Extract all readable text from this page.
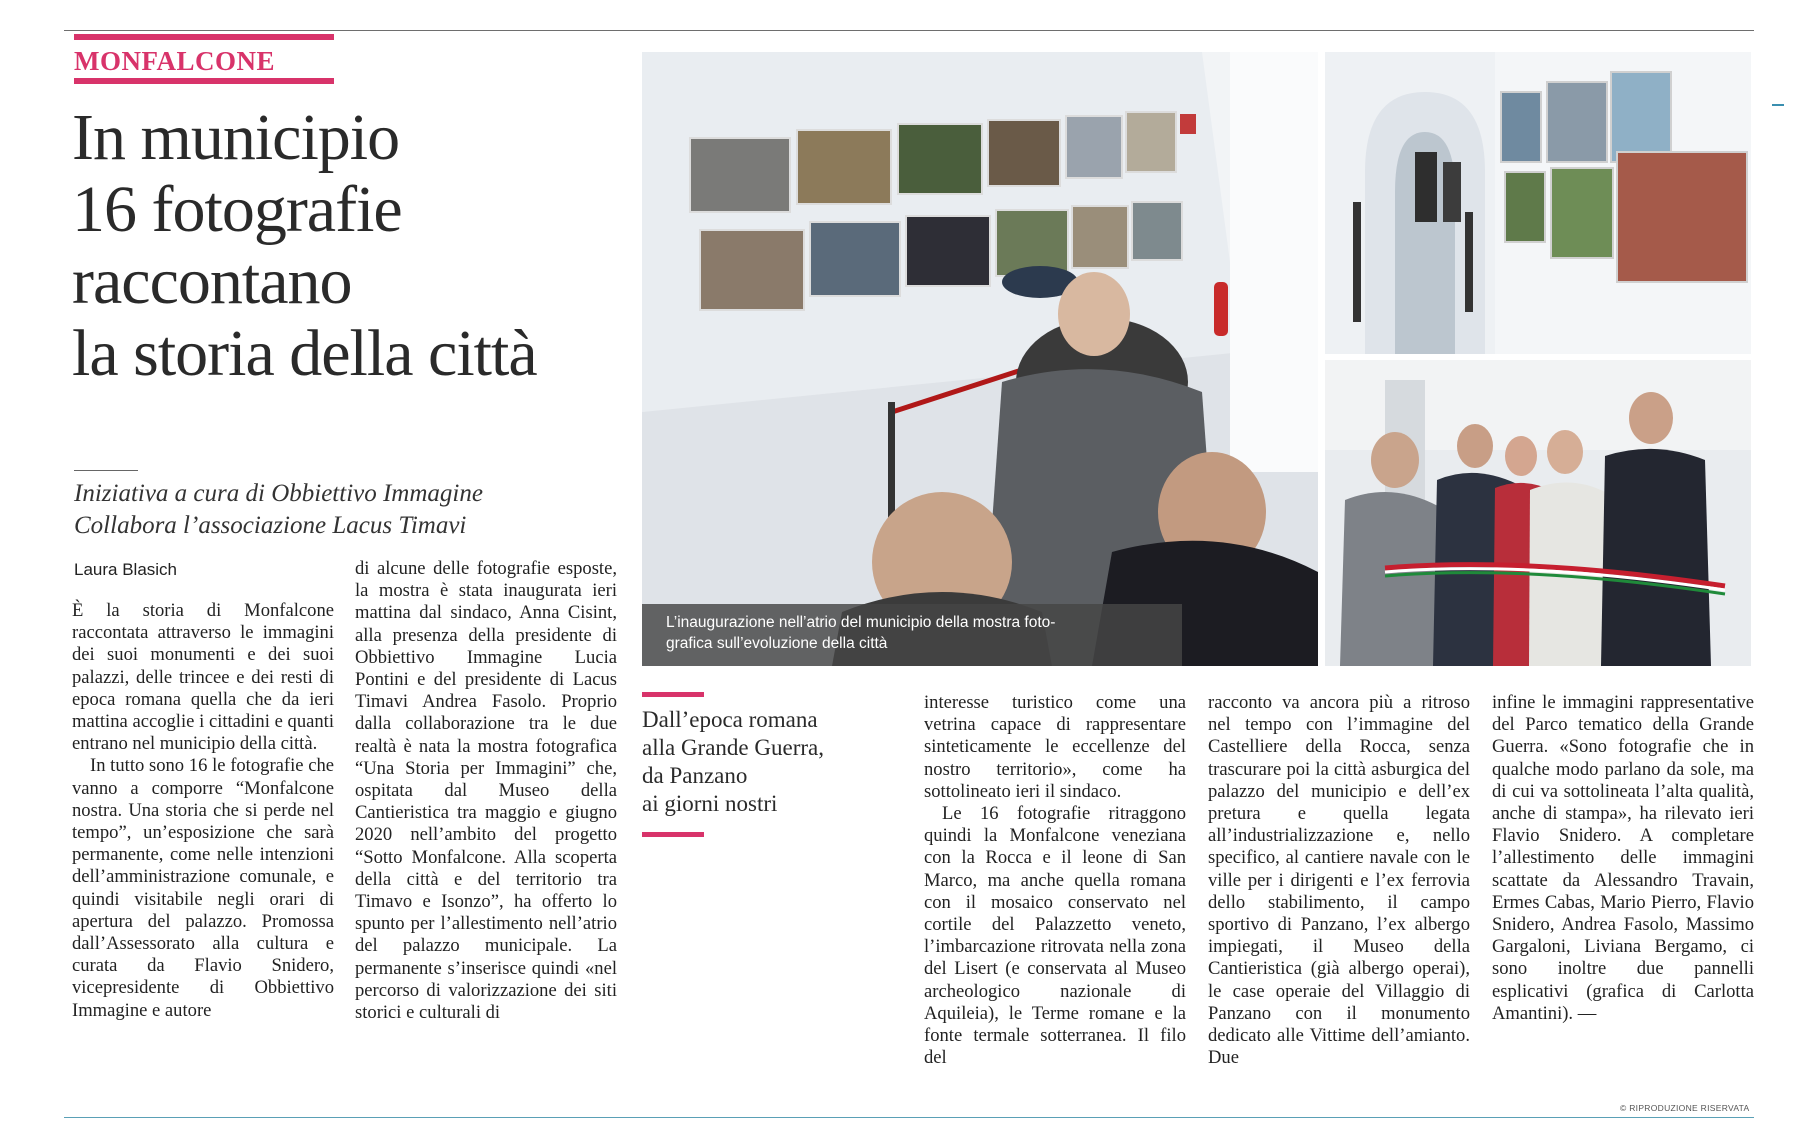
MONFALCONE
In municipio
16 fotografie
raccontano
la storia della città
Iniziativa a cura di Obbiettivo Immagine
Collabora l’associazione Lacus Timavi
Laura Blasich

È la storia di Monfalcone raccontata attraverso le immagini dei suoi monumenti e dei suoi palazzi, delle trincee e dei resti di epoca romana quella che da ieri mattina accoglie i cittadini e quanti entrano nel municipio della città.

In tutto sono 16 le fotografie che vanno a comporre “Monfalcone nostra. Una storia che si perde nel tempo”, un’esposizione che sarà permanente, come nelle intenzioni dell’amministrazione comunale, e quindi visitabile negli orari di apertura del palazzo. Promossa dall’Assessorato alla cultura e curata da Flavio Snidero, vicepresidente di Obbiettivo Immagine e autore

di alcune delle fotografie esposte, la mostra è stata inaugurata ieri mattina dal sindaco, Anna Cisint, alla presenza della presidente di Obbiettivo Immagine Lucia Pontini e del presidente di Lacus Timavi Andrea Fasolo. Proprio dalla collaborazione tra le due realtà è nata la mostra fotografica “Una Storia per Immagini” che, ospitata dal Museo della Cantieristica tra maggio e giugno 2020 nell’ambito del progetto “Sotto Monfalcone. Alla scoperta della città e del territorio tra Timavo e Isonzo”, ha offerto lo spunto per l’allestimento nell’atrio del palazzo municipale. La permanente s’inserisce quindi «nel percorso di valorizzazione dei siti storici e culturali di

L’inaugurazione nell’atrio del municipio della mostra foto-
grafica sull’evoluzione della città
Dall’epoca romana
alla Grande Guerra,
da Panzano
ai giorni nostri

interesse turistico come una vetrina capace di rappresentare sinteticamente le eccellenze del nostro territorio», come ha sottolineato ieri il sindaco.

Le 16 fotografie ritraggono quindi la Monfalcone veneziana con la Rocca e il leone di San Marco, ma anche quella romana con il mosaico conservato nel cortile del Palazzetto veneto, l’imbarcazione ritrovata nella zona del Lisert (e conservata al Museo archeologico nazionale di Aquileia), le Terme romane e la fonte termale sotterranea. Il filo del

racconto va ancora più a ritroso nel tempo con l’immagine del Castelliere della Rocca, senza trascurare poi la città asburgica del palazzo del municipio e dell’ex pretura e quella legata all’industrializzazione e, nello specifico, al cantiere navale con le ville per i dirigenti e l’ex ferrovia dello stabilimento, il campo sportivo di Panzano, l’ex albergo impiegati, il Museo della Cantieristica (già albergo operai), le case operaie del Villaggio di Panzano con il monumento dedicato alle Vittime dell’amianto. Due

infine le immagini rappresentative del Parco tematico della Grande Guerra. «Sono fotografie che in qualche modo parlano da sole, ma di cui va sottolineata l’alta qualità, anche di stampa», ha rilevato ieri Flavio Snidero. A completare l’allestimento delle immagini scattate da Alessandro Travain, Ermes Cabas, Mario Pierro, Flavio Snidero, Andrea Fasolo, Massimo Gargaloni, Liviana Bergamo, ci sono inoltre due pannelli esplicativi (grafica di Carlotta Amantini). —

© RIPRODUZIONE RISERVATA
